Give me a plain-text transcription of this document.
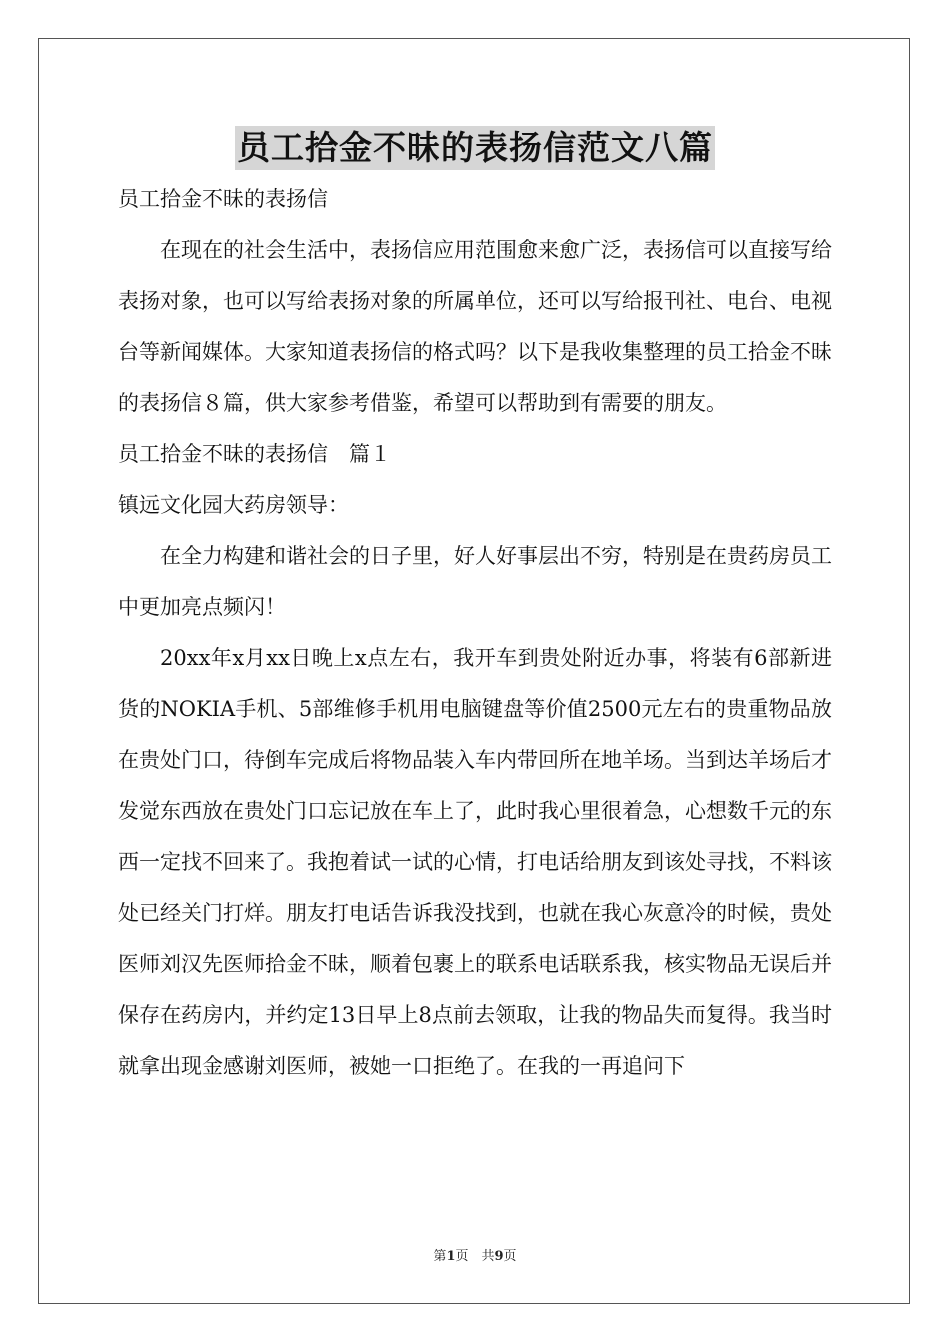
员工拾金不昧的表扬信范文八篇
员工拾金不昧的表扬信
在现在的社会生活中，表扬信应用范围愈来愈广泛，表扬信可以直接写给表扬对象，也可以写给表扬对象的所属单位，还可以写给报刊社、电台、电视台等新闻媒体。大家知道表扬信的格式吗？以下是我收集整理的员工拾金不昧的表扬信８篇，供大家参考借鉴，希望可以帮助到有需要的朋友。
员工拾金不昧的表扬信　篇１
镇远文化园大药房领导：
在全力构建和谐社会的日子里，好人好事层出不穷，特别是在贵药房员工中更加亮点频闪！
20xx年x月xx日晚上x点左右，我开车到贵处附近办事，将装有6部新进货的NOKIA手机、5部维修手机用电脑键盘等价值2500元左右的贵重物品放在贵处门口，待倒车完成后将物品装入车内带回所在地羊场。当到达羊场后才发觉东西放在贵处门口忘记放在车上了，此时我心里很着急，心想数千元的东西一定找不回来了。我抱着试一试的心情，打电话给朋友到该处寻找，不料该处已经关门打烊。朋友打电话告诉我没找到，也就在我心灰意冷的时候，贵处医师刘汉先医师拾金不昧，顺着包裹上的联系电话联系我，核实物品无误后并保存在药房内，并约定13日早上8点前去领取，让我的物品失而复得。我当时就拿出现金感谢刘医师，被她一口拒绝了。在我的一再追问下
第1页　共9页
